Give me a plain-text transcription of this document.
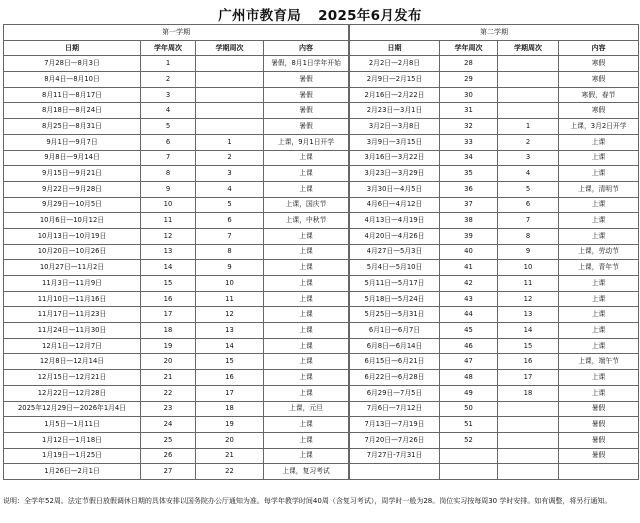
广州市教育局 2025年6月发布
第一学期			
日期	学年周次	学期周次	内容
7月28日—8月3日	1		暑假，8月1日学年开始
8月4日—8月10日	2		暑假
8月11日—8月17日	3		暑假
8月18日—8月24日	4		暑假
8月25日—8月31日	5		暑假
9月1日—9月7日	6	1	上课，9月1日开学
9月8日—9月14日	7	2	上课
9月15日—9月21日	8	3	上课
9月22日—9月28日	9	4	上课
9月29日—10月5日	10	5	上课，国庆节
10月6日—10月12日	11	6	上课，中秋节
10月13日—10月19日	12	7	上课
10月20日—10月26日	13	8	上课
10月27日—11月2日	14	9	上课
11月3日—11月9日	15	10	上课
11月10日—11月16日	16	11	上课
11月17日—11月23日	17	12	上课
11月24日—11月30日	18	13	上课
12月1日—12月7日	19	14	上课
12月8日—12月14日	20	15	上课
12月15日—12月21日	21	16	上课
12月22日—12月28日	22	17	上课
2025年12月29日—2026年1月4日	23	18	上课，元旦
1月5日—1月11日	24	19	上课
1月12日—1月18日	25	20	上课
1月19日—1月25日	26	21	上课
1月26日—2月1日	27	22	上课，复习考试
第二学期			
日期	学年周次	学期周次	内容
2月2日—2月8日	28		寒假
2月9日—2月15日	29		寒假
2月16日—2月22日	30		寒假，春节
2月23日—3月1日	31		寒假
3月2日—3月8日	32	1	上课，3月2日开学
3月9日—3月15日	33	2	上课
3月16日—3月22日	34	3	上课
3月23日—3月29日	35	4	上课
3月30日—4月5日	36	5	上课，清明节
4月6日—4月12日	37	6	上课
4月13日—4月19日	38	7	上课
4月20日—4月26日	39	8	上课
4月27日—5月3日	40	9	上课，劳动节
5月4日—5月10日	41	10	上课，青年节
5月11日—5月17日	42	11	上课
5月18日—5月24日	43	12	上课
5月25日—5月31日	44	13	上课
6月1日—6月7日	45	14	上课
6月8日—6月14日	46	15	上课
6月15日—6月21日	47	16	上课，端午节
6月22日—6月28日	48	17	上课
6月29日—7月5日	49	18	上课
7月6日—7月12日	50		暑假
7月13日—7月19日	51		暑假
7月20日—7月26日	52		暑假
7月27日-7月31日			暑假

说明：全学年52周。法定节假日放假调休日期的具体安排以国务院办公厅通知为准。每学年教学时间40周（含复习考试），周学时一般为28。岗位实习按每周30 学时安排。如有调整，将另行通知。
